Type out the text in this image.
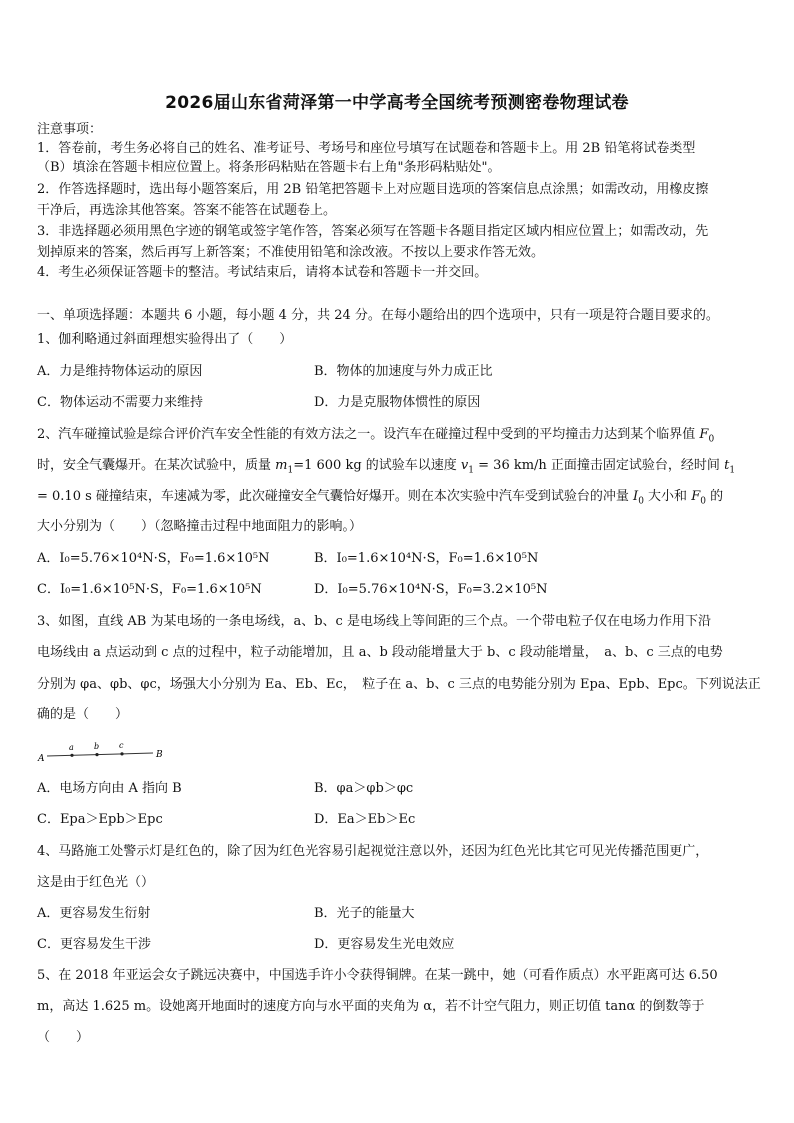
2026届山东省菏泽第一中学高考全国统考预测密卷物理试卷
注意事项：
1．答卷前，考生务必将自己的姓名、准考证号、考场号和座位号填写在试题卷和答题卡上。用 2B 铅笔将试卷类型
（B）填涂在答题卡相应位置上。将条形码粘贴在答题卡右上角"条形码粘贴处"。
2．作答选择题时，选出每小题答案后，用 2B 铅笔把答题卡上对应题目选项的答案信息点涂黑；如需改动，用橡皮擦
干净后，再选涂其他答案。答案不能答在试题卷上。
3．非选择题必须用黑色字迹的钢笔或签字笔作答，答案必须写在答题卡各题目指定区域内相应位置上；如需改动，先
划掉原来的答案，然后再写上新答案；不准使用铅笔和涂改液。不按以上要求作答无效。
4．考生必须保证答题卡的整洁。考试结束后，请将本试卷和答题卡一并交回。
一、单项选择题：本题共 6 小题，每小题 4 分，共 24 分。在每小题给出的四个选项中，只有一项是符合题目要求的。
1、伽利略通过斜面理想实验得出了（　　）
A．力是维持物体运动的原因	B．物体的加速度与外力成正比
C．物体运动不需要力来维持	D．力是克服物体惯性的原因
2、汽车碰撞试验是综合评价汽车安全性能的有效方法之一。设汽车在碰撞过程中受到的平均撞击力达到某个临界值 $F_0$
时，安全气囊爆开。在某次试验中，质量 $m_1=1$ 600 kg 的试验车以速度 $v_1 = 36$ km/h 正面撞击固定试验台，经时间 $t_1$
= 0.10 s 碰撞结束，车速减为零，此次碰撞安全气囊恰好爆开。则在本次实验中汽车受到试验台的冲量 $I_0$ 大小和 $F_0$ 的
大小分别为（　　）（忽略撞击过程中地面阻力的影响。）
A．I₀=5.76×10⁴N·S，F₀=1.6×10⁵N	B．I₀=1.6×10⁴N·S，F₀=1.6×10⁵N
C．I₀=1.6×10⁵N·S，F₀=1.6×10⁵N	D．I₀=5.76×10⁴N·S，F₀=3.2×10⁵N
3、如图，直线 AB 为某电场的一条电场线，a、b、c 是电场线上等间距的三个点。一个带电粒子仅在电场力作用下沿
电场线由 a 点运动到 c 点的过程中，粒子动能增加，且 a、b 段动能增量大于 b、c 段动能增量，　a、b、c 三点的电势
分别为 φa、φb、φc，场强大小分别为 Ea、Eb、Ec，　粒子在 a、b、c 三点的电势能分别为 Epa、Epb、Epc。下列说法正
确的是（　　）
A
a	b c
B
A．电场方向由 A 指向 B	B．φa＞φb＞φc
C．Epa＞Epb＞Epc	D．Ea＞Eb＞Ec
4、马路施工处警示灯是红色的，除了因为红色光容易引起视觉注意以外，还因为红色光比其它可见光传播范围更广，
这是由于红色光（）
A．更容易发生衍射	B．光子的能量大
C．更容易发生干涉	D．更容易发生光电效应
5、在 2018 年亚运会女子跳远决赛中，中国选手许小令获得铜牌。在某一跳中，她（可看作质点）水平距离可达 6.50
m，高达 1.625 m。设她离开地面时的速度方向与水平面的夹角为 α，若不计空气阻力，则正切值 tanα 的倒数等于
（　　）
